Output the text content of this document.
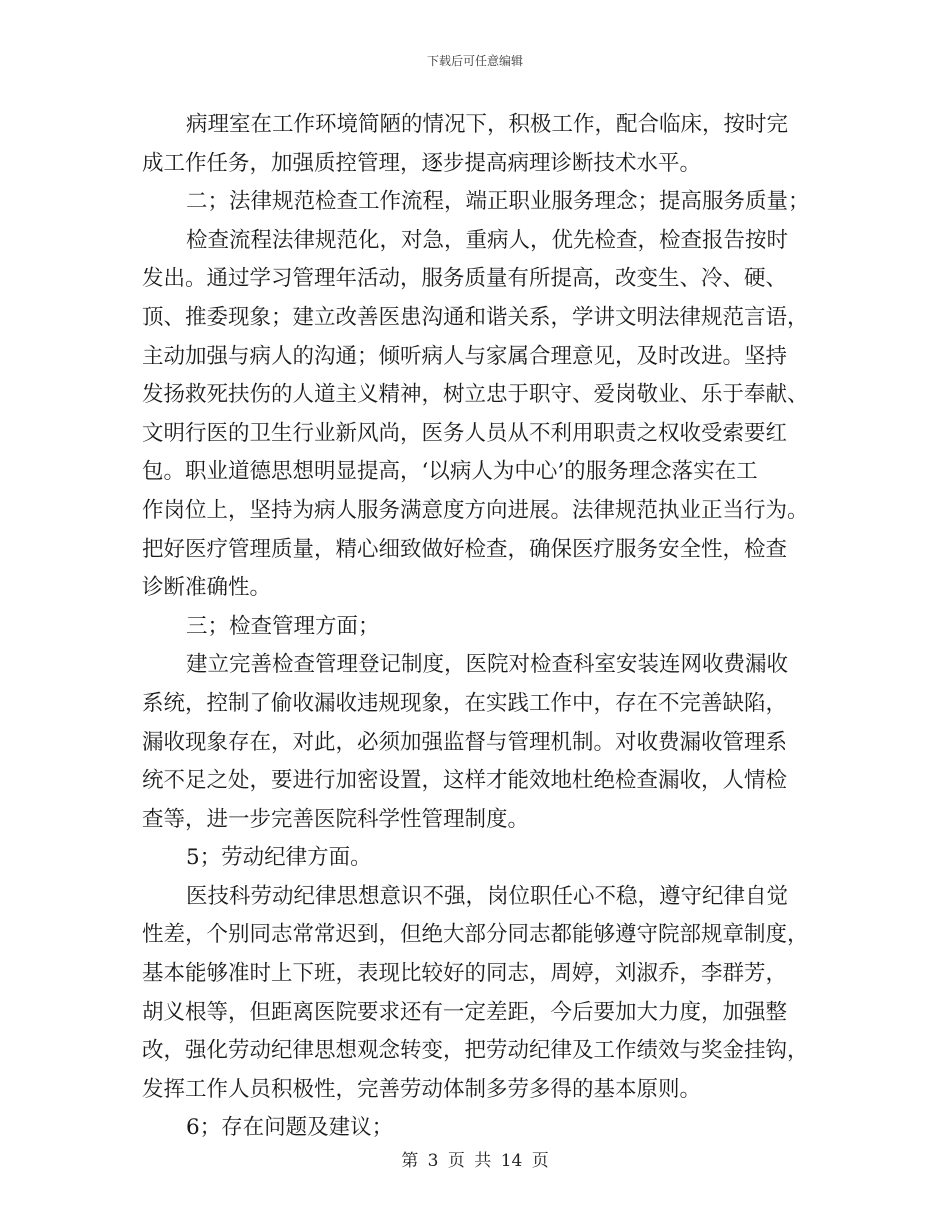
下载后可任意编辑
病理室在工作环境简陋的情况下，积极工作，配合临床，按时完
成工作任务，加强质控管理，逐步提高病理诊断技术水平。
二；法律规范检查工作流程，端正职业服务理念；提高服务质量；
检查流程法律规范化，对急，重病人，优先检查，检查报告按时
发出。通过学习管理年活动，服务质量有所提高，改变生、冷、硬、
顶、推委现象；建立改善医患沟通和谐关系，学讲文明法律规范言语，
主动加强与病人的沟通；倾听病人与家属合理意见，及时改进。坚持
发扬救死扶伤的人道主义精神，树立忠于职守、爱岗敬业、乐于奉献、
文明行医的卫生行业新风尚，医务人员从不利用职责之权收受索要红
包。职业道德思想明显提高，‘以病人为中心’的服务理念落实在工
作岗位上，坚持为病人服务满意度方向进展。法律规范执业正当行为。
把好医疗管理质量，精心细致做好检查，确保医疗服务安全性，检查
诊断准确性。
三；检查管理方面；
建立完善检查管理登记制度，医院对检查科室安装连网收费漏收
系统，控制了偷收漏收违规现象，在实践工作中，存在不完善缺陷，
漏收现象存在，对此，必须加强监督与管理机制。对收费漏收管理系
统不足之处，要进行加密设置，这样才能效地杜绝检查漏收，人情检
查等，进一步完善医院科学性管理制度。
5；劳动纪律方面。
医技科劳动纪律思想意识不强，岗位职任心不稳，遵守纪律自觉
性差，个别同志常常迟到，但绝大部分同志都能够遵守院部规章制度，
基本能够准时上下班，表现比较好的同志，周婷，刘淑乔，李群芳，
胡义根等，但距离医院要求还有一定差距，今后要加大力度，加强整
改，强化劳动纪律思想观念转变，把劳动纪律及工作绩效与奖金挂钩，
发挥工作人员积极性，完善劳动体制多劳多得的基本原则。
6；存在问题及建议；
第 3 页 共 14 页
